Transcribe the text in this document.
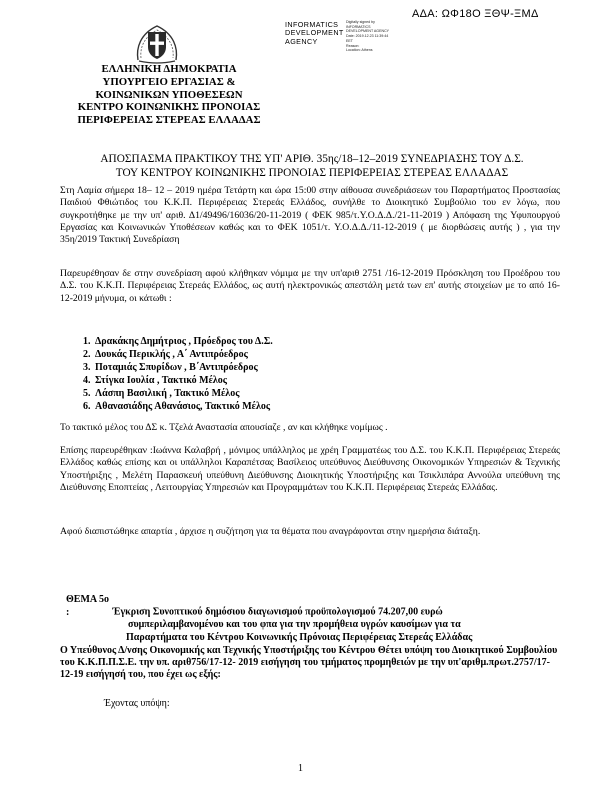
ΑΔΑ: ΩΦ18Ο ΞΘΨ-ΞΜΔ
INFORMATICS
DEVELOPMENT
AGENCY
Digitally signed by
INFORMATICS
DEVELOPMENT AGENCY
Date: 2019.12.23 11:39:44
EET
Reason:
Location: Athens
ΕΛΛΗΝΙΚΗ ΔΗΜΟΚΡΑΤΙΑ
ΥΠΟΥΡΓΕΙΟ ΕΡΓΑΣΙΑΣ &
ΚΟΙΝΩΝΙΚΩΝ ΥΠΟΘΕΣΕΩΝ
ΚΕΝΤΡΟ ΚΟΙΝΩΝΙΚΗΣ ΠΡΟΝΟΙΑΣ
ΠΕΡΙΦΕΡΕΙΑΣ ΣΤΕΡΕΑΣ ΕΛΛΑΔΑΣ
ΑΠΟΣΠΑΣΜΑ ΠΡΑΚΤΙΚΟΥ ΤΗΣ ΥΠ' ΑΡΙΘ. 35ης/18–12–2019 ΣΥΝΕΔΡΙΑΣΗΣ ΤΟΥ Δ.Σ.
ΤΟΥ ΚΕΝΤΡΟΥ ΚΟΙΝΩΝΙΚΗΣ ΠΡΟΝΟΙΑΣ ΠΕΡΙΦΕΡΕΙΑΣ ΣΤΕΡΕΑΣ ΕΛΛΑΔΑΣ
Στη Λαμία σήμερα 18– 12 – 2019 ημέρα Τετάρτη και ώρα 15:00 στην αίθουσα συνεδριάσεων του Παραρτήματος Προστασίας Παιδιού Φθιώτιδος του Κ.Κ.Π. Περιφέρειας Στερεάς Ελλάδος, συνήλθε το Διοικητικό Συμβούλιο του εν λόγω, που συγκροτήθηκε με την υπ' αριθ. Δ1/49496/16036/20-11-2019 ( ΦΕΚ 985/τ.Υ.Ο.Δ.Δ./21-11-2019 ) Απόφαση της Υφυπουργού Εργασίας και Κοινωνικών Υποθέσεων καθώς και το ΦΕΚ 1051/τ. Υ.Ο.Δ.Δ./11-12-2019 ( με διορθώσεις αυτής ) , για την 35η/2019 Τακτική Συνεδρίαση
Παρευρέθησαν δε στην συνεδρίαση αφού κλήθηκαν νόμιμα με την υπ'αριθ 2751 /16-12-2019 Πρόσκληση του Προέδρου του Δ.Σ. του Κ.Κ.Π. Περιφέρειας Στερεάς Ελλάδος, ως αυτή ηλεκτρονικώς απεστάλη μετά των επ' αυτής στοιχείων με το από 16-12-2019 μήνυμα, οι κάτωθι :
1. Δρακάκης Δημήτριος , Πρόεδρος του Δ.Σ.
2. Δουκάς Περικλής , Α΄ Αντιπρόεδρος
3. Ποταμιάς Σπυρίδων , Β΄Αντιπρόεδρος
4. Στίγκα Ιουλία , Τακτικό Μέλος
5. Λάσπη Βασιλική , Τακτικό Μέλος
6. Αθανασιάδης Αθανάσιος, Τακτικό Μέλος
Το τακτικό μέλος του ΔΣ κ. Τζελά Αναστασία απουσίαζε , αν και κλήθηκε νομίμως .
Επίσης παρευρέθηκαν :Ιωάννα Καλαβρή , μόνιμος υπάλληλος με χρέη Γραμματέως του Δ.Σ. του Κ.Κ.Π. Περιφέρειας Στερεάς Ελλάδος καθώς επίσης και οι υπάλληλοι Καραπέτσας Βασίλειος υπεύθυνος Διεύθυνσης Οικονομικών Υπηρεσιών & Τεχνικής Υποστήριξης , Μελέτη Παρασκευή υπεύθυνη Διεύθυνσης Διοικητικής Υποστήριξης και Τσικλιπάρα Αννούλα υπεύθυνη της Διεύθυνσης Εποπτείας , Λειτουργίας Υπηρεσιών και Προγραμμάτων του Κ.Κ.Π. Περιφέρειας Στερεάς Ελλάδας.
Αφού διαπιστώθηκε απαρτία , άρχισε η συζήτηση για τα θέματα που αναγράφονται στην ημερήσια διάταξη.
ΘΕΜΑ 5ο :	Έγκριση Συνοπτικού δημόσιου διαγωνισμού προϋπολογισμού 74.207,00 ευρώ
συμπεριλαμβανομένου και του φπα για την προμήθεια υγρών καυσίμων για τα
Παραρτήματα του Κέντρου Κοινωνικής Πρόνοιας Περιφέρειας Στερεάς Ελλάδας
Ο Υπεύθυνος Δ/νσης Οικονομικής και Τεχνικής Υποστήριξης του Κέντρου Θέτει υπόψη του Διοικητικού Συμβουλίου του Κ.Κ.Π.Π.Σ.Ε. την υπ. αριθ756/17-12- 2019 εισήγηση του τμήματος προμηθειών με την υπ'αριθμ.πρωτ.2757/17-12-19 εισήγησή του, που έχει ως εξής:
Έχοντας υπόψη:
1
